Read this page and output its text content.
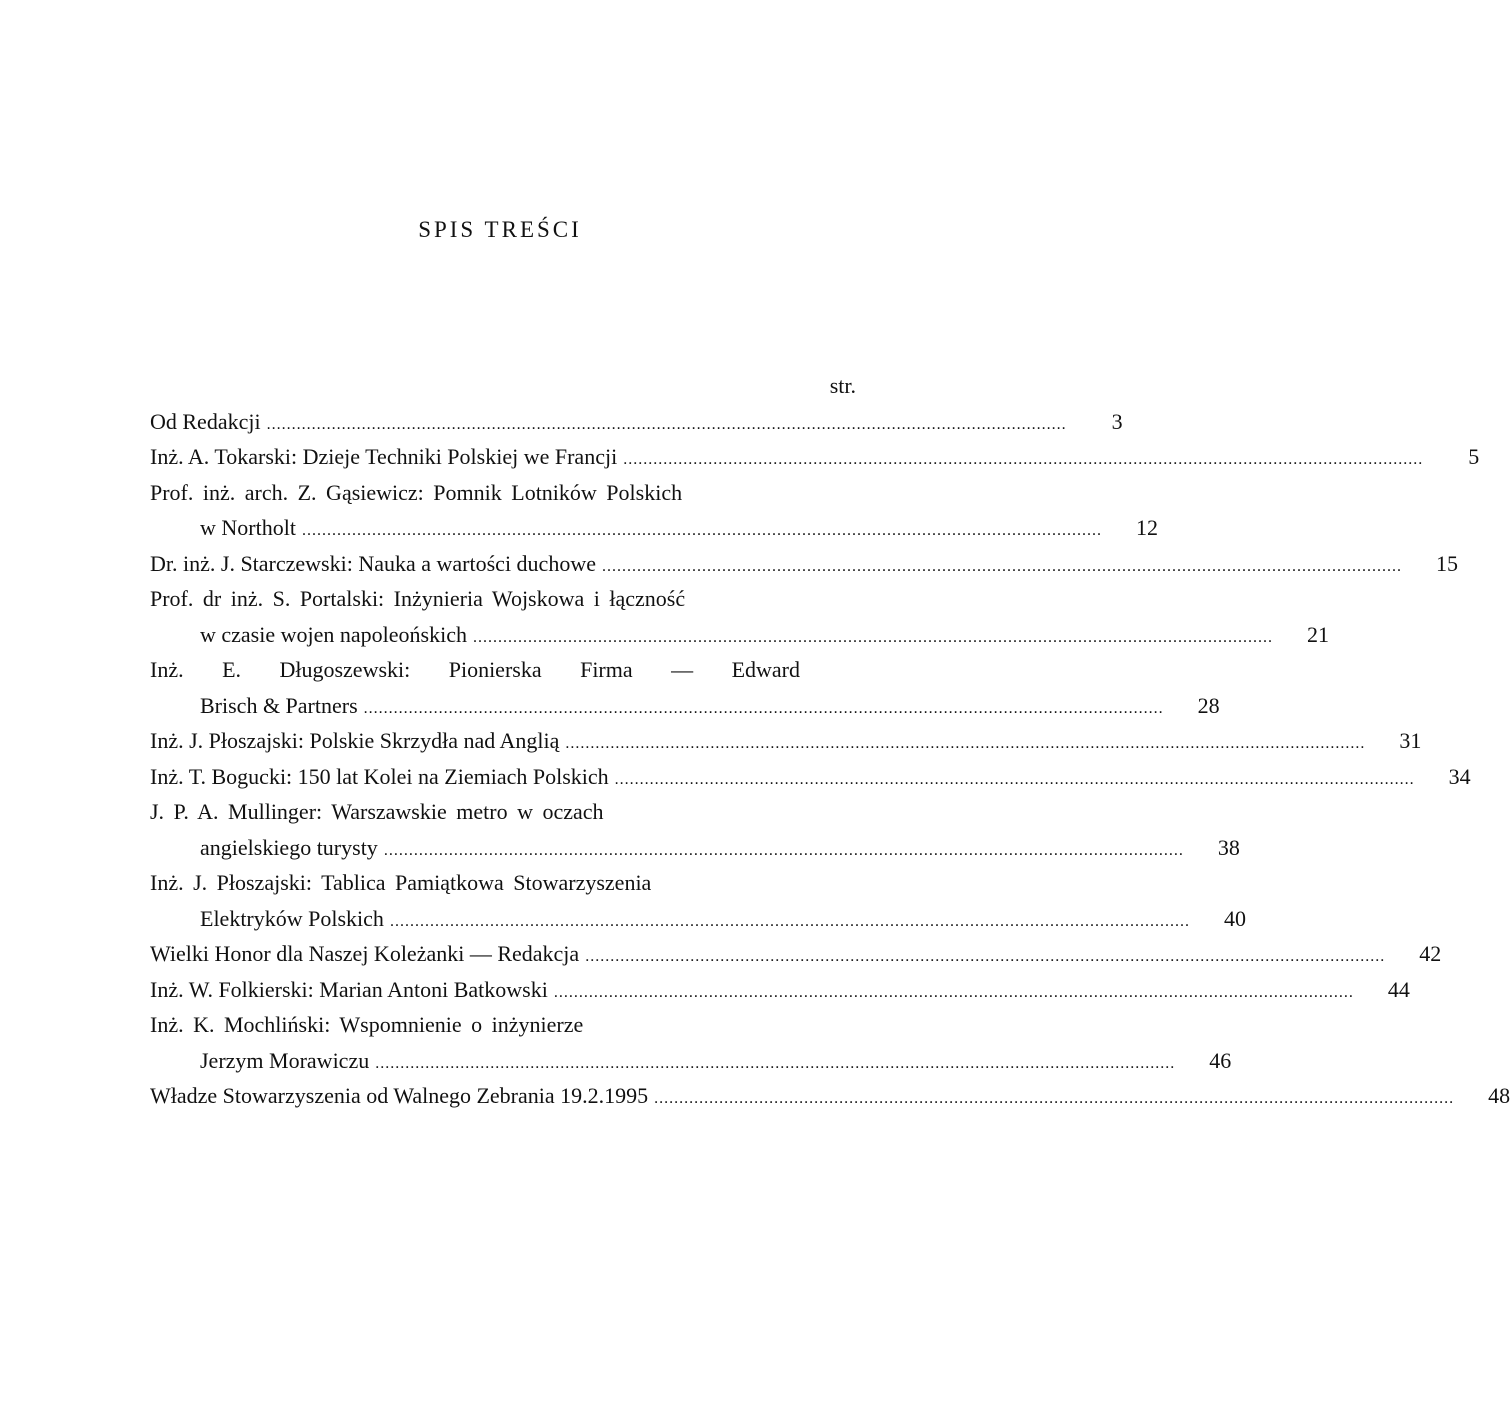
SPIS TREŚCI
str.
Od Redakcji ................................................................................................................................................................	3
Inż. A. Tokarski: Dzieje Techniki Polskiej we Francji ................................................................................................................................................................	5
Prof. inż. arch. Z. Gąsiewicz: Pomnik Lotników Polskich
w Northolt ................................................................................................................................................................	12
Dr. inż. J. Starczewski: Nauka a wartości duchowe ................................................................................................................................................................	15
Prof. dr inż. S. Portalski: Inżynieria Wojskowa i łączność
w czasie wojen napoleońskich ................................................................................................................................................................	21
Inż. E. Długoszewski: Pionierska Firma — Edward
Brisch & Partners ................................................................................................................................................................	28
Inż. J. Płoszajski: Polskie Skrzydła nad Anglią ................................................................................................................................................................	31
Inż. T. Bogucki: 150 lat Kolei na Ziemiach Polskich ................................................................................................................................................................	34
J. P. A. Mullinger: Warszawskie metro w oczach
angielskiego turysty ................................................................................................................................................................	38
Inż. J. Płoszajski: Tablica Pamiątkowa Stowarzyszenia
Elektryków Polskich ................................................................................................................................................................	40
Wielki Honor dla Naszej Koleżanki — Redakcja ................................................................................................................................................................	42
Inż. W. Folkierski: Marian Antoni Batkowski ................................................................................................................................................................	44
Inż. K. Mochliński: Wspomnienie o inżynierze
Jerzym Morawiczu ................................................................................................................................................................	46
Władze Stowarzyszenia od Walnego Zebrania 19.2.1995 ................................................................................................................................................................	48
